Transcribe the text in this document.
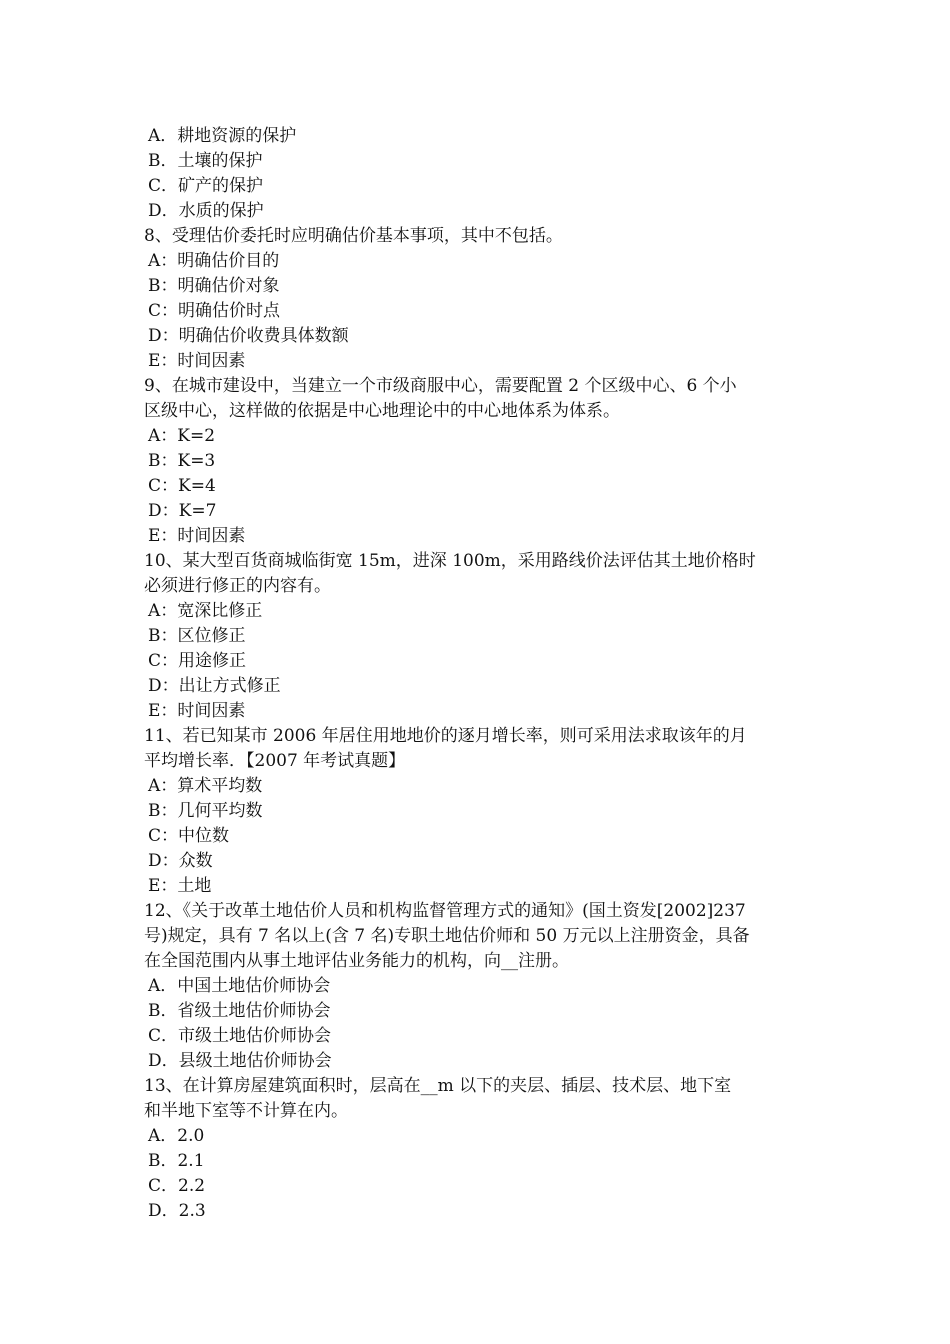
A．耕地资源的保护
B．土壤的保护
C．矿产的保护
D．水质的保护
8、受理估价委托时应明确估价基本事项，其中不包括。
A：明确估价目的
B：明确估价对象
C：明确估价时点
D：明确估价收费具体数额
E：时间因素
9、在城市建设中，当建立一个市级商服中心，需要配置 2 个区级中心、6 个小
区级中心，这样做的依据是中心地理论中的中心地体系为体系。
A：K=2
B：K=3
C：K=4
D：K=7
E：时间因素
10、某大型百货商城临街宽 15m，进深 100m，采用路线价法评估其土地价格时
必须进行修正的内容有。
A：宽深比修正
B：区位修正
C：用途修正
D：出让方式修正
E：时间因素
11、若已知某市 2006 年居住用地地价的逐月增长率，则可采用法求取该年的月
平均增长率．【2007 年考试真题】
A：算术平均数
B：几何平均数
C：中位数
D：众数
E：土地
12、《关于改革土地估价人员和机构监督管理方式的通知》(国土资发[2002]237
号)规定，具有 7 名以上(含 7 名)专职土地估价师和 50 万元以上注册资金，具备
在全国范围内从事土地评估业务能力的机构，向__注册。
A．中国土地估价师协会
B．省级土地估价师协会
C．市级土地估价师协会
D．县级土地估价师协会
13、在计算房屋建筑面积时，层高在__m 以下的夹层、插层、技术层、地下室
和半地下室等不计算在内。
A．2.0
B．2.1
C．2.2
D．2.3
